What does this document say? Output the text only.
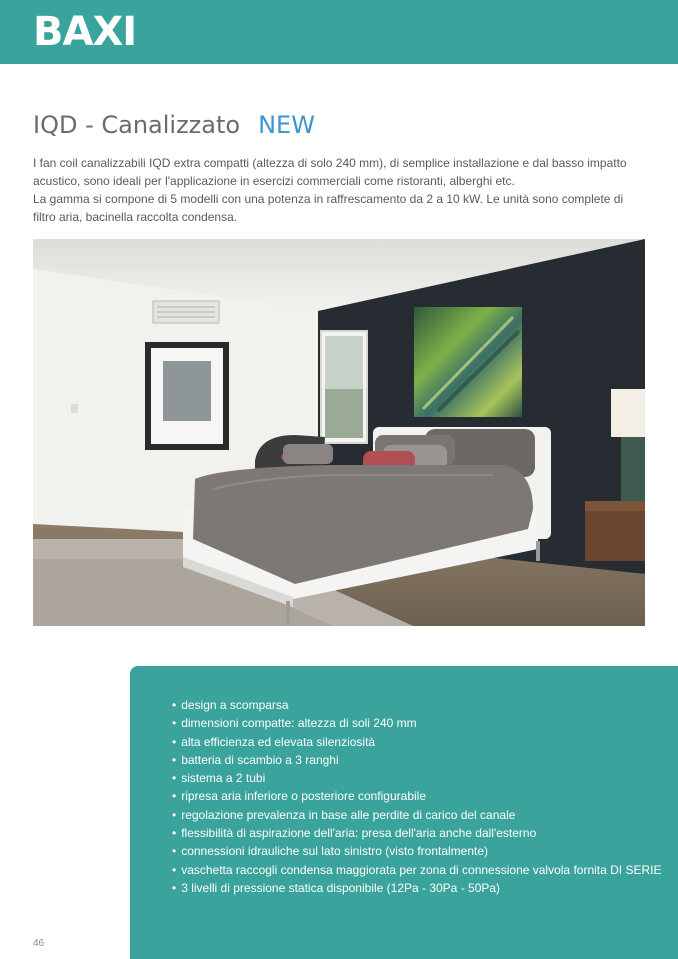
BAXI
IQD - Canalizzato NEW

I fan coil canalizzabili IQD extra compatti (altezza di solo 240 mm), di semplice installazione e dal basso impatto acustico, sono ideali per l'applicazione in esercizi commerciali come ristoranti, alberghi etc.

La gamma si compone di 5 modelli con una potenza in raffrescamento da 2 a 10 kW. Le unità sono complete di filtro aria, bacinella raccolta condensa.

• design a scomparsa
• dimensioni compatte: altezza di soli 240 mm
• alta efficienza ed elevata silenziosità
• batteria di scambio a 3 ranghi
• sistema a 2 tubi
• ripresa aria inferiore o posteriore configurabile
• regolazione prevalenza in base alle perdite di carico del canale
• flessibilità di aspirazione dell'aria: presa dell'aria anche dall'esterno
• connessioni idrauliche sul lato sinistro (visto frontalmente)
• vaschetta raccogli condensa maggiorata per zona di connessione valvola fornita DI SERIE
• 3 livelli di pressione statica disponibile (12Pa - 30Pa - 50Pa)
46
